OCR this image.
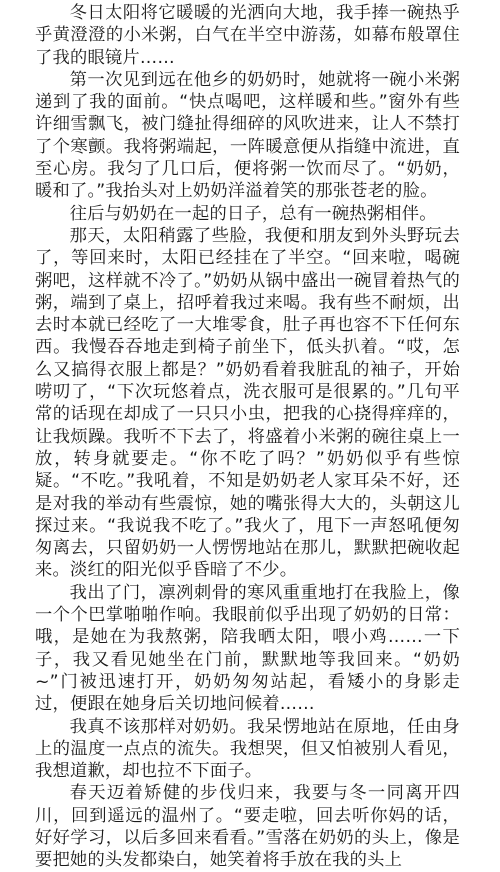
冬日太阳将它暖暖的光洒向大地，我手捧一碗热乎乎黄澄澄的小米粥，白气在半空中游荡，如幕布般罩住了我的眼镜片……

第一次见到远在他乡的奶奶时，她就将一碗小米粥递到了我的面前。“快点喝吧，这样暖和些。”窗外有些许细雪飘飞，被门缝扯得细碎的风吹进来，让人不禁打了个寒颤。我将粥端起，一阵暖意便从指缝中流进，直至心房。我匀了几口后，便将粥一饮而尽了。“奶奶，暖和了。”我抬头对上奶奶洋溢着笑的那张苍老的脸。

往后与奶奶在一起的日子，总有一碗热粥相伴。

那天，太阳稍露了些脸，我便和朋友到外头野玩去了，等回来时，太阳已经挂在了半空。“回来啦，喝碗粥吧，这样就不冷了。”奶奶从锅中盛出一碗冒着热气的粥，端到了桌上，招呼着我过来喝。我有些不耐烦，出去时本就已经吃了一大堆零食，肚子再也容不下任何东西。我慢吞吞地走到椅子前坐下，低头扒着。“哎，怎么又搞得衣服上都是？”奶奶看着我脏乱的袖子，开始唠叨了，“下次玩悠着点，洗衣服可是很累的。”几句平常的话现在却成了一只只小虫，把我的心挠得痒痒的，让我烦躁。我听不下去了，将盛着小米粥的碗往桌上一放，转身就要走。“你不吃了吗？”奶奶似乎有些惊疑。“不吃。”我吼着，不知是奶奶老人家耳朵不好，还是对我的举动有些震惊，她的嘴张得大大的，头朝这儿探过来。“我说我不吃了。”我火了，甩下一声怒吼便匆匆离去，只留奶奶一人愣愣地站在那儿，默默把碗收起来。淡红的阳光似乎昏暗了不少。

我出了门，凛冽刺骨的寒风重重地打在我脸上，像一个个巴掌啪啪作响。我眼前似乎出现了奶奶的日常：哦，是她在为我熬粥，陪我晒太阳，喂小鸡……一下子，我又看见她坐在门前，默默地等我回来。“奶奶~”门被迅速打开，奶奶匆匆站起，看矮小的身影走过，便跟在她身后关切地问候着……

我真不该那样对奶奶。我呆愣地站在原地，任由身上的温度一点点的流失。我想哭，但又怕被别人看见，我想道歉，却也拉不下面子。

春天迈着矫健的步伐归来，我要与冬一同离开四川，回到遥远的温州了。“要走啦，回去听你妈的话，好好学习，以后多回来看看。”雪落在奶奶的头上，像是要把她的头发都染白，她笑着将手放在我的头上
